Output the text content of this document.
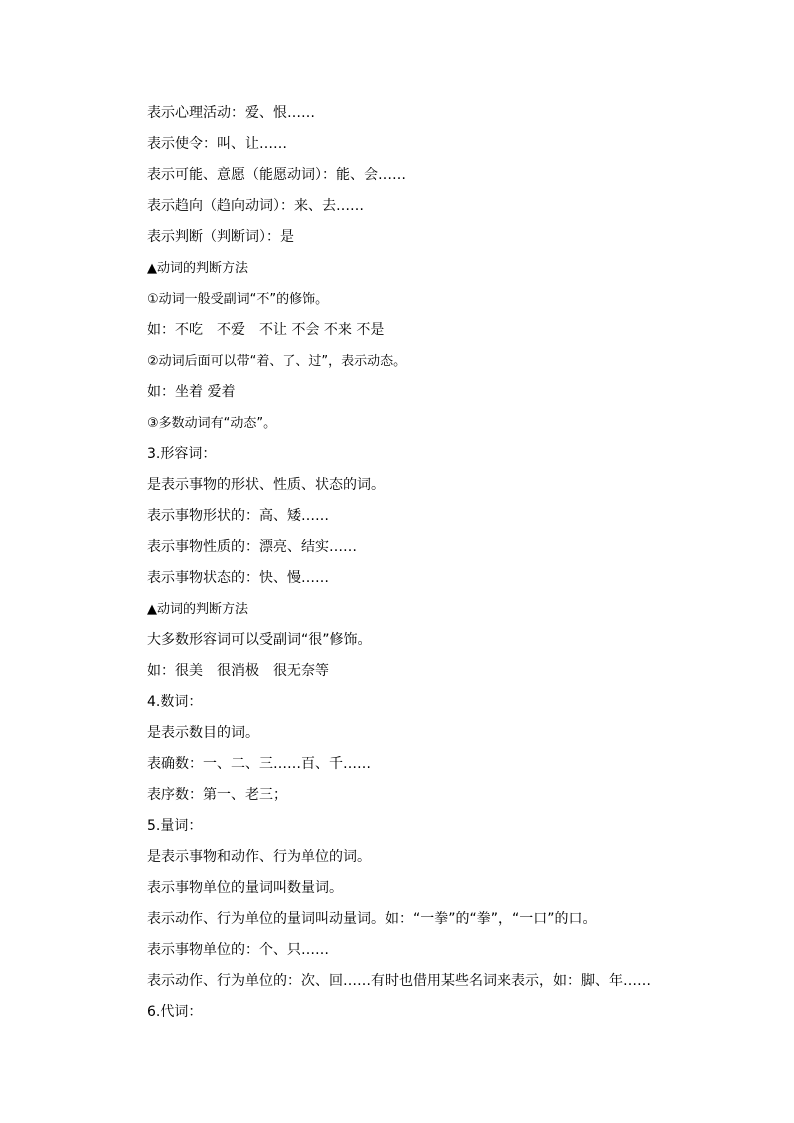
表示心理活动：爱、恨……
表示使令：叫、让……
表示可能、意愿（能愿动词）：能、会……
表示趋向（趋向动词）：来、去……
表示判断（判断词）：是
▲动词的判断方法
①动词一般受副词“不”的修饰。
如：不吃　不爱　不让 不会 不来 不是
②动词后面可以带“着、了、过”，表示动态。
如：坐着 爱着
③多数动词有“动态”。
3.形容词：
是表示事物的形状、性质、状态的词。
表示事物形状的：高、矮……
表示事物性质的：漂亮、结实……
表示事物状态的：快、慢……
▲动词的判断方法
大多数形容词可以受副词“很”修饰。
如：很美　很消极　很无奈等
4.数词：
是表示数目的词。
表确数：一、二、三……百、千……
表序数：第一、老三；
5.量词：
是表示事物和动作、行为单位的词。
表示事物单位的量词叫数量词。
表示动作、行为单位的量词叫动量词。如：“一拳”的“拳”，“一口”的口。
表示事物单位的：个、只……
表示动作、行为单位的：次、回……有时也借用某些名词来表示，如：脚、年……
6.代词：
